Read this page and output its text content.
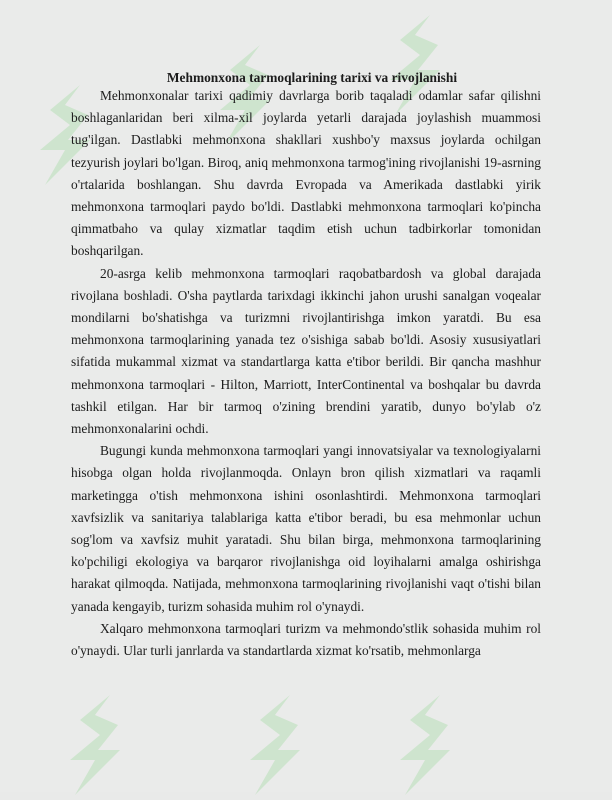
Mehmonxona tarmoqlarining tarixi va rivojlanishi

Mehmonxonalar tarixi qadimiy davrlarga borib taqaladi odamlar safar qilishni boshlaganlaridan beri xilma-xil joylarda yetarli darajada joylashish muammosi tug'ilgan. Dastlabki mehmonxona shakllari xushbo'y maxsus joylarda ochilgan tezyurish joylari bo'lgan. Biroq, aniq mehmonxona tarmog'ining rivojlanishi 19-asrning o'rtalarida boshlangan. Shu davrda Evropada va Amerikada dastlabki yirik mehmonxona tarmoqlari paydo bo'ldi. Dastlabki mehmonxona tarmoqlari ko'pincha qimmatbaho va qulay xizmatlar taqdim etish uchun tadbirkorlar tomonidan boshqarilgan.

20-asrga kelib mehmonxona tarmoqlari raqobatbardosh va global darajada rivojlana boshladi. O'sha paytlarda tarixdagi ikkinchi jahon urushi sanalgan voqealar mondilarni bo'shatishga va turizmni rivojlantirishga imkon yaratdi. Bu esa mehmonxona tarmoqlarining yanada tez o'sishiga sabab bo'ldi. Asosiy xususiyatlari sifatida mukammal xizmat va standartlarga katta e'tibor berildi. Bir qancha mashhur mehmonxona tarmoqlari - Hilton, Marriott, InterContinental va boshqalar bu davrda tashkil etilgan. Har bir tarmoq o'zining brendini yaratib, dunyo bo'ylab o'z mehmonxonalarini ochdi.

Bugungi kunda mehmonxona tarmoqlari yangi innovatsiyalar va texnologiyalarni hisobga olgan holda rivojlanmoqda. Onlayn bron qilish xizmatlari va raqamli marketingga o'tish mehmonxona ishini osonlashtirdi. Mehmonxona tarmoqlari xavfsizlik va sanitariya talablariga katta e'tibor beradi, bu esa mehmonlar uchun sog'lom va xavfsiz muhit yaratadi. Shu bilan birga, mehmonxona tarmoqlarining ko'pchiligi ekologiya va barqaror rivojlanishga oid loyihalarni amalga oshirishga harakat qilmoqda. Natijada, mehmonxona tarmoqlarining rivojlanishi vaqt o'tishi bilan yanada kengayib, turizm sohasida muhim rol o'ynaydi.

Xalqaro mehmonxona tarmoqlari turizm va mehmondo'stlik sohasida muhim rol o'ynaydi. Ular turli janrlarda va standartlarda xizmat ko'rsatib, mehmonlarga
